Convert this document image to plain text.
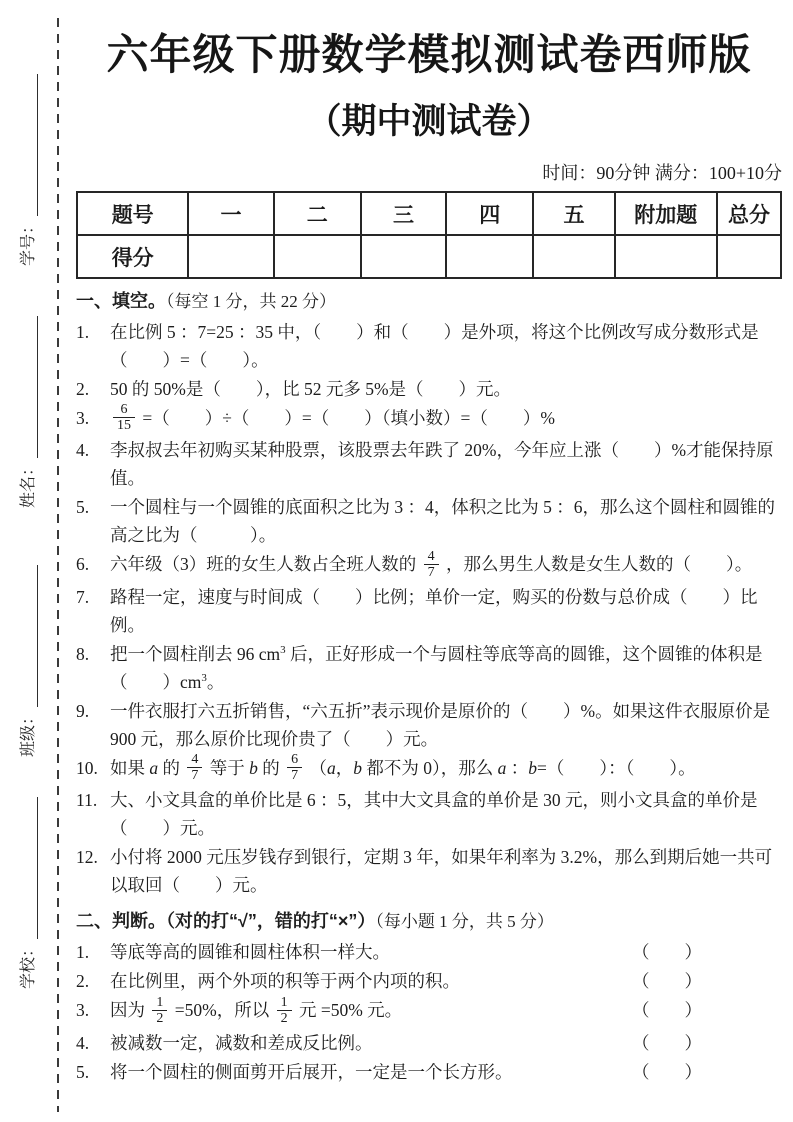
学号：
姓名：
班级：
学校：
六年级下册数学模拟测试卷西师版
（期中测试卷）
时间：90分钟 满分：100+10分
题号	一	二	三	四	五	附加题	总分
得分							
一、填空。（每空 1 分，共 22 分）
1.	在比例 5 ：7=25 ：35 中，（　　）和（　　）是外项，将这个比例改写成分数形式是（　　）=（　　）。
2.	50 的 50%是（　　），比 52 元多 5%是（　　）元。
3.	$\frac{6}{15}$ =（　　）÷（　　）=（　　）（填小数）=（　　）%
4.	李叔叔去年初购买某种股票，该股票去年跌了 20%，今年应上涨（　　）%才能保持原值。
5.	一个圆柱与一个圆锥的底面积之比为 3 ：4，体积之比为 5 ：6，那么这个圆柱和圆锥的高之比为（　　　）。
6.	六年级（3）班的女生人数占全班人数的 $\frac{4}{7}$ ，那么男生人数是女生人数的（　　）。
7.	路程一定，速度与时间成（　　）比例；单价一定，购买的份数与总价成（　　）比例。
8.	把一个圆柱削去 96 $cm^3$ 后，正好形成一个与圆柱等底等高的圆锥，这个圆锥的体积是（　　）$cm^3$。
9.	一件衣服打六五折销售，“六五折”表示现价是原价的（　　）%。如果这件衣服原价是 900 元，那么原价比现价贵了（　　）元。
10. 如果 a 的 $\frac{4}{7}$ 等于 b 的 $\frac{6}{7} (a$，b 都不为 0），那么 a ：b=（　　）：（　　）。
11. 大、小文具盒的单价比是 6 ：5，其中大文具盒的单价是 30 元，则小文具盒的单价是（　　）元。
12. 小付将 2000 元压岁钱存到银行，定期 3 年，如果年利率为 3.2%，那么到期后她一共可以取回（　　）元。
二、判断。（对的打“√”，错的打“×”）（每小题 1 分，共 5 分）
1.	等底等高的圆锥和圆柱体积一样大。	（　　）
2.	在比例里，两个外项的积等于两个内项的积。	（　　）
3.	因为 $\frac{1}{2} =50\%$，所以 $\frac{1}{2}$ 元 =50% 元。	（　　）
4.	被减数一定，减数和差成反比例。	（　　）
5.	将一个圆柱的侧面剪开后展开，一定是一个长方形。	（　　）
